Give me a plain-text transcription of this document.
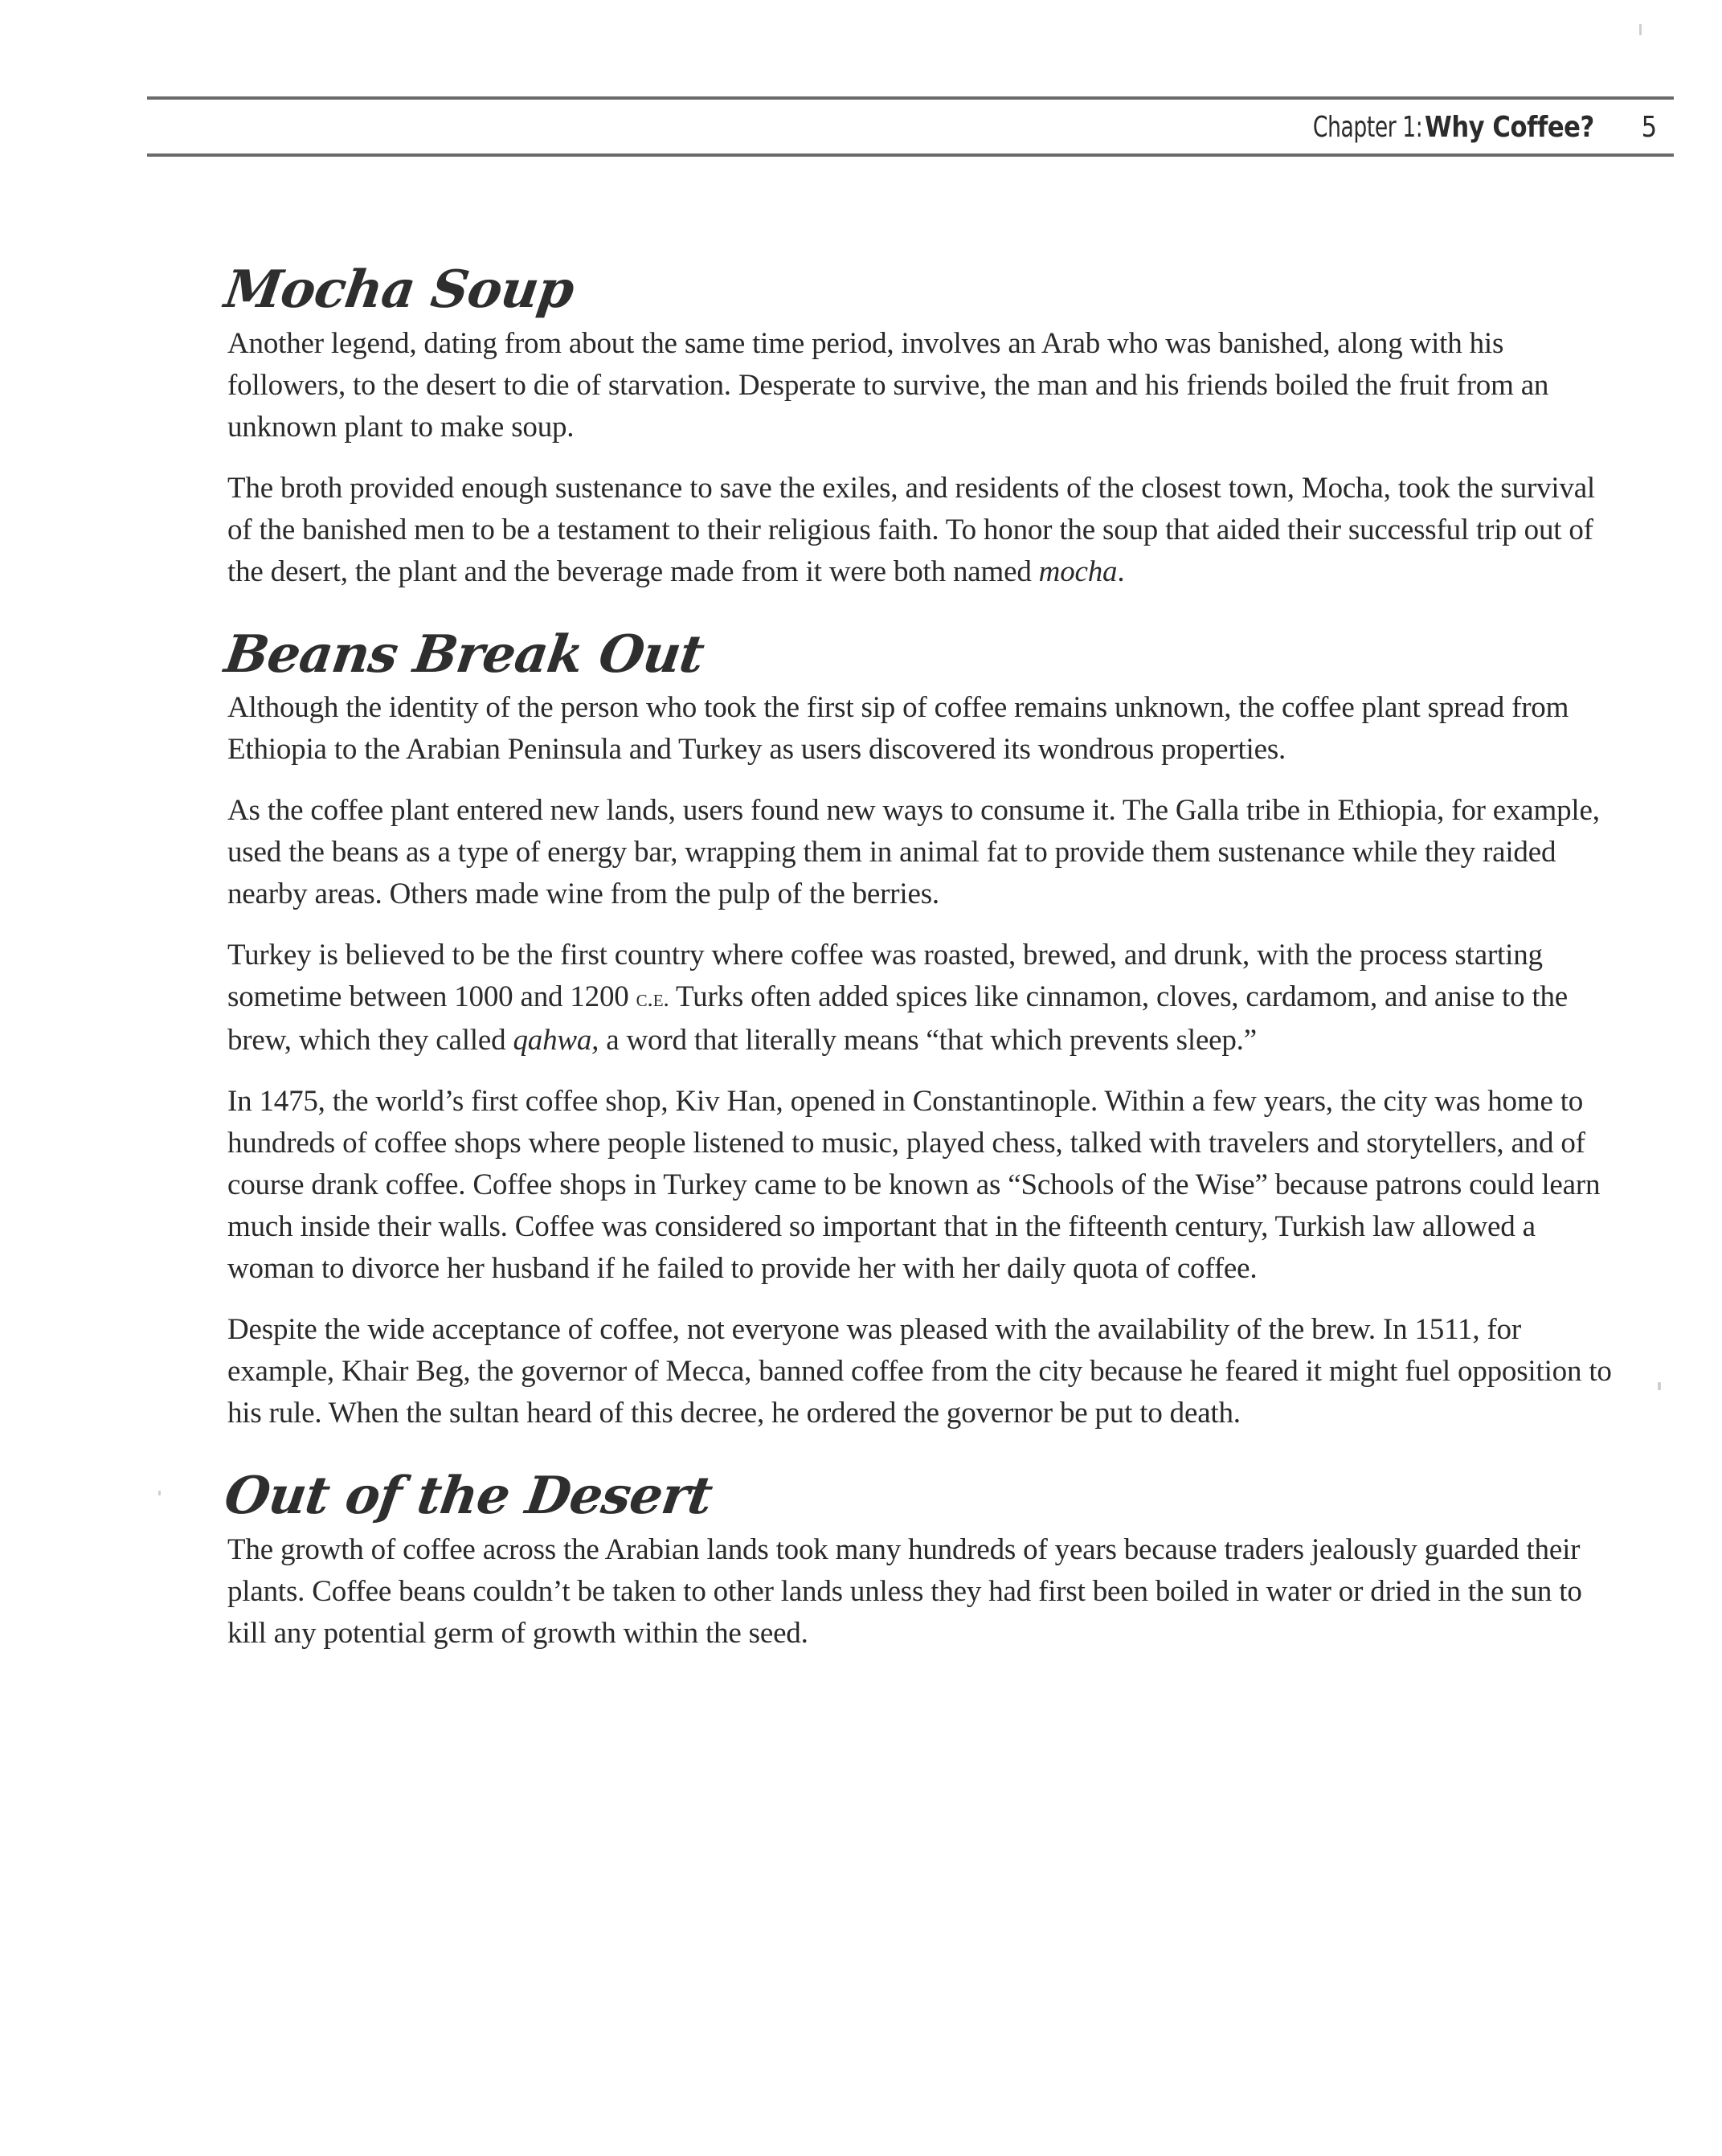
Chapter 1: Why Coffee? 5
Mocha Soup

Another legend, dating from about the same time period, involves an Arab who was banished, along with his followers, to the desert to die of starvation. Desperate to survive, the man and his friends boiled the fruit from an unknown plant to make soup.

The broth provided enough sustenance to save the exiles, and residents of the closest town, Mocha, took the survival of the banished men to be a testament to their religious faith. To honor the soup that aided their successful trip out of the desert, the plant and the beverage made from it were both named mocha.

Beans Break Out

Although the identity of the person who took the first sip of coffee remains unknown, the coffee plant spread from Ethiopia to the Arabian Peninsula and Turkey as users discovered its wondrous properties.

As the coffee plant entered new lands, users found new ways to consume it. The Galla tribe in Ethiopia, for example, used the beans as a type of energy bar, wrapping them in animal fat to provide them sustenance while they raided nearby areas. Others made wine from the pulp of the berries.

Turkey is believed to be the first country where coffee was roasted, brewed, and drunk, with the process starting sometime between 1000 and 1200 c.e. Turks often added spices like cinnamon, cloves, cardamom, and anise to the brew, which they called qahwa, a word that literally means “that which prevents sleep.”

In 1475, the world’s first coffee shop, Kiv Han, opened in Constantinople. Within a few years, the city was home to hundreds of coffee shops where people listened to music, played chess, talked with travelers and storytellers, and of course drank coffee. Coffee shops in Turkey came to be known as “Schools of the Wise” because patrons could learn much inside their walls. Coffee was considered so important that in the fifteenth century, Turkish law allowed a woman to divorce her husband if he failed to provide her with her daily quota of coffee.

Despite the wide acceptance of coffee, not everyone was pleased with the availability of the brew. In 1511, for example, Khair Beg, the governor of Mecca, banned coffee from the city because he feared it might fuel opposition to his rule. When the sultan heard of this decree, he ordered the governor be put to death.

Out of the Desert

The growth of coffee across the Arabian lands took many hundreds of years because traders jealously guarded their plants. Coffee beans couldn’t be taken to other lands unless they had first been boiled in water or dried in the sun to kill any potential germ of growth within the seed.
